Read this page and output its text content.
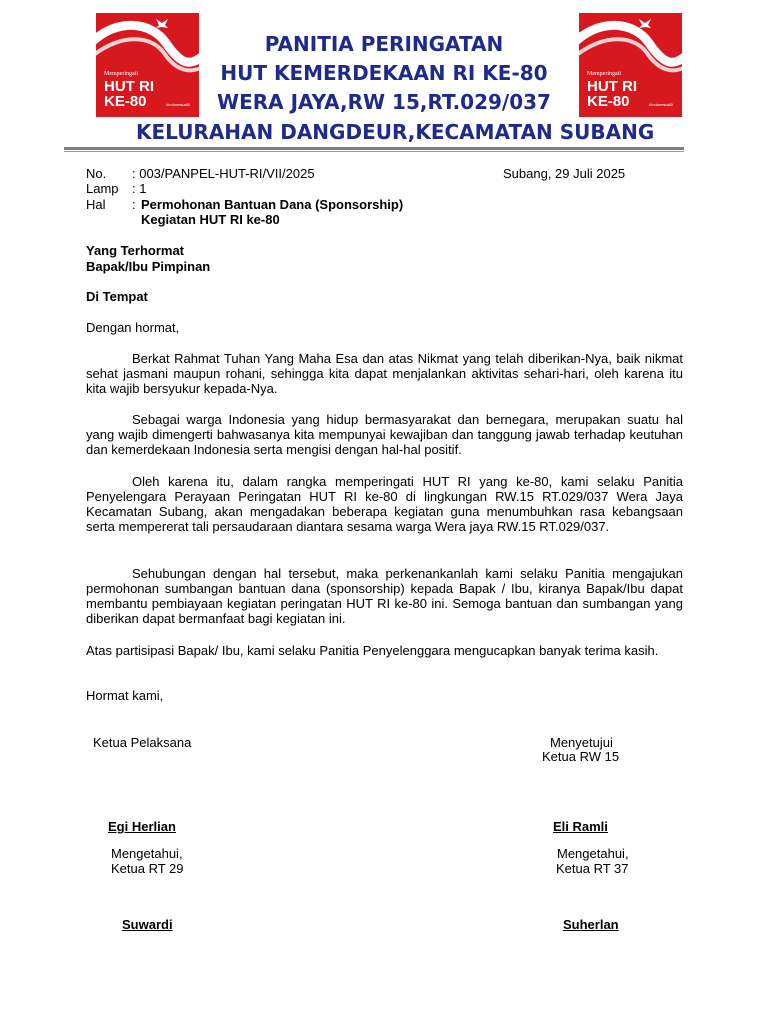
Memperingati
HUT RI
KE-80	#Indonesia80
Memperingati
HUT RI
KE-80	#Indonesia80
PANITIA PERINGATAN
HUT KEMERDEKAAN RI KE-80
WERA JAYA,RW 15,RT.029/037
KELURAHAN DANGDEUR,KECAMATAN SUBANG
No. : 003/PANPEL-HUT-RI/VII/2025	Subang, 29 Juli 2025
Lamp : 1
Hal : Permohonan Bantuan Dana (Sponsorship)
Kegiatan HUT RI ke-80
Yang Terhormat
Bapak/Ibu Pimpinan
Di Tempat
Dengan hormat,
Berkat Rahmat Tuhan Yang Maha Esa dan atas Nikmat yang telah diberikan-Nya, baik nikmat sehat jasmani maupun rohani, sehingga kita dapat menjalankan aktivitas sehari-hari, oleh karena itu kita wajib bersyukur kepada-Nya.
Sebagai warga Indonesia yang hidup bermasyarakat dan bernegara, merupakan suatu hal yang wajib dimengerti bahwasanya kita mempunyai kewajiban dan tanggung jawab terhadap keutuhan dan kemerdekaan Indonesia serta mengisi dengan hal-hal positif.
Oleh karena itu, dalam rangka memperingati HUT RI yang ke-80, kami selaku Panitia Penyelengara Perayaan Peringatan HUT RI ke-80 di lingkungan RW.15 RT.029/037 Wera Jaya Kecamatan Subang, akan mengadakan beberapa kegiatan guna menumbuhkan rasa kebangsaan serta mempererat tali persaudaraan diantara sesama warga Wera jaya RW.15 RT.029/037.
Sehubungan dengan hal tersebut, maka perkenankanlah kami selaku Panitia mengajukan permohonan sumbangan bantuan dana (sponsorship) kepada Bapak / Ibu, kiranya Bapak/Ibu dapat membantu pembiayaan kegiatan peringatan HUT RI ke-80 ini. Semoga bantuan dan sumbangan yang diberikan dapat bermanfaat bagi kegiatan ini.
Atas partisipasi Bapak/ Ibu, kami selaku Panitia Penyelenggara mengucapkan banyak terima kasih.
Hormat kami,
Ketua Pelaksana	Menyetujui
Ketua RW 15
Egi Herlian	Eli Ramli
Mengetahui,
Ketua RT 29
Mengetahui,
Ketua RT 37
Suwardi	Suherlan
